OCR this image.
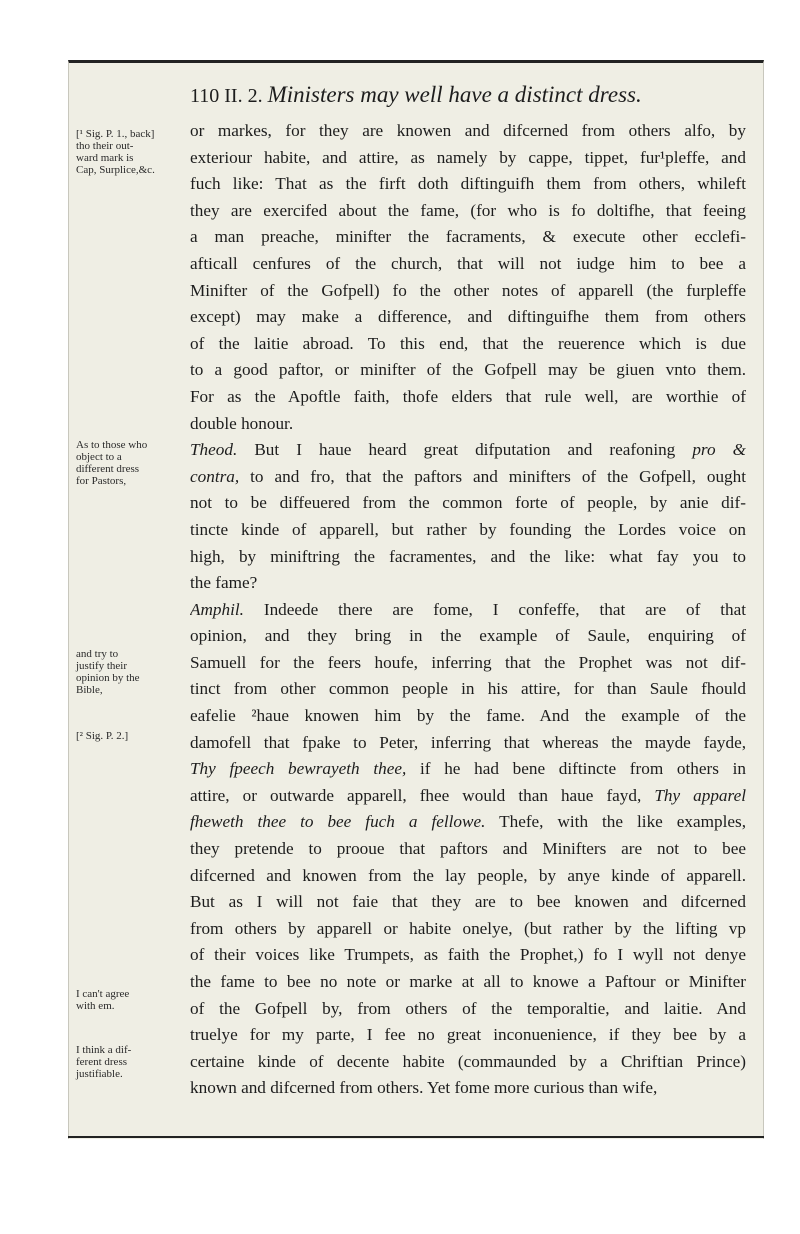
110 II. 2. Ministers may well have a distinct dress.
[¹ Sig. P. 1., back]
tho their out-
ward mark is
Cap, Surplice,&c.
As to those who
object to a
different dress
for Pastors,
and try to
justify their
opinion by the
Bible,
[² Sig. P. 2.]
I can't agree
with em.
I think a dif-
ferent dress
justifiable.
or markes, for they are knowen and difcerned from others alfo, by
exteriour habite, and attire, as namely by cappe, tippet, fur¹pleffe, and
fuch like: That as the firft doth diftinguifh them from others, whileft
they are exercifed about the fame, (for who is fo doltifhe, that feeing
a man preache, minifter the facraments, & execute other ecclefi-
afticall cenfures of the church, that will not iudge him to bee a
Minifter of the Gofpell) fo the other notes of apparell (the furpleffe
except) may make a difference, and diftinguifhe them from others
of the laitie abroad. To this end, that the reuerence which is due
to a good paftor, or minifter of the Gofpell may be giuen vnto them.
For as the Apoftle faith, thofe elders that rule well, are worthie of
double honour.
Theod. But I haue heard great difputation and reafoning pro &
contra, to and fro, that the paftors and minifters of the Gofpell, ought
not to be diffeuered from the common forte of people, by anie dif-
tincte kinde of apparell, but rather by founding the Lordes voice on
high, by miniftring the facramentes, and the like: what fay you to
the fame?
Amphil. Indeede there are fome, I confeffe, that are of that
opinion, and they bring in the example of Saule, enquiring of
Samuell for the feers houfe, inferring that the Prophet was not dif-
tinct from other common people in his attire, for than Saule fhould
eafelie ²haue knowen him by the fame. And the example of the
damofell that fpake to Peter, inferring that whereas the mayde fayde,
Thy fpeech bewrayeth thee, if he had bene diftincte from others in
attire, or outwarde apparell, fhee would than haue fayd, Thy apparel
fheweth thee to bee fuch a fellowe. Thefe, with the like examples,
they pretende to prooue that paftors and Minifters are not to bee
difcerned and knowen from the lay people, by anye kinde of apparell.
But as I will not faie that they are to bee knowen and difcerned
from others by apparell or habite onelye, (but rather by the lifting vp
of their voices like Trumpets, as faith the Prophet,) fo I wyll not denye
the fame to bee no note or marke at all to knowe a Paftour or Minifter
of the Gofpell by, from others of the temporaltie, and laitie. And
truelye for my parte, I fee no great inconuenience, if they bee by a
certaine kinde of decente habite (commaunded by a Chriftian Prince)
known and difcerned from others. Yet fome more curious than wife,
